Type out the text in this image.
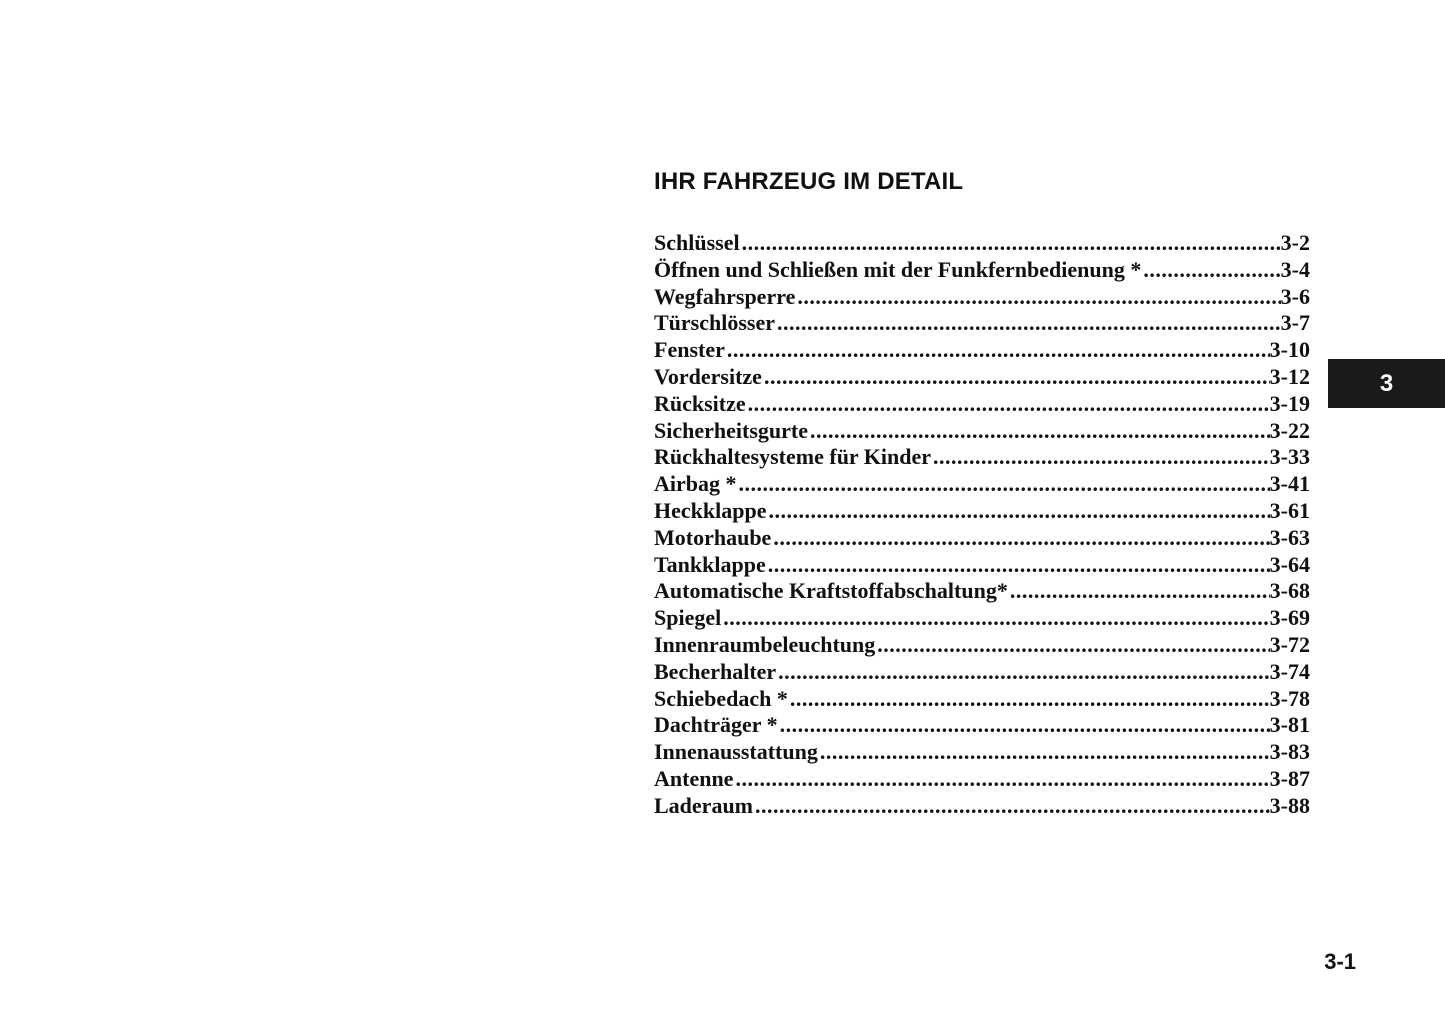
IHR FAHRZEUG IM DETAIL
Schlüssel .....	3-2
Öffnen und Schließen mit der Funkfernbedienung * .....	3-4
Wegfahrsperre .....	3-6
Türschlösser .....	3-7
Fenster .....	3-10
Vordersitze .....	3-12
Rücksitze .....	3-19
Sicherheitsgurte .....	3-22
Rückhaltesysteme für Kinder .....	3-33
Airbag * .....	3-41
Heckklappe .....	3-61
Motorhaube .....	3-63
Tankklappe .....	3-64
Automatische Kraftstoffabschaltung* .....	3-68
Spiegel .....	3-69
Innenraumbeleuchtung .....	3-72
Becherhalter .....	3-74
Schiebedach * .....	3-78
Dachträger * .....	3-81
Innenausstattung .....	3-83
Antenne .....	3-87
Laderaum .....	3-88
3
3-1
